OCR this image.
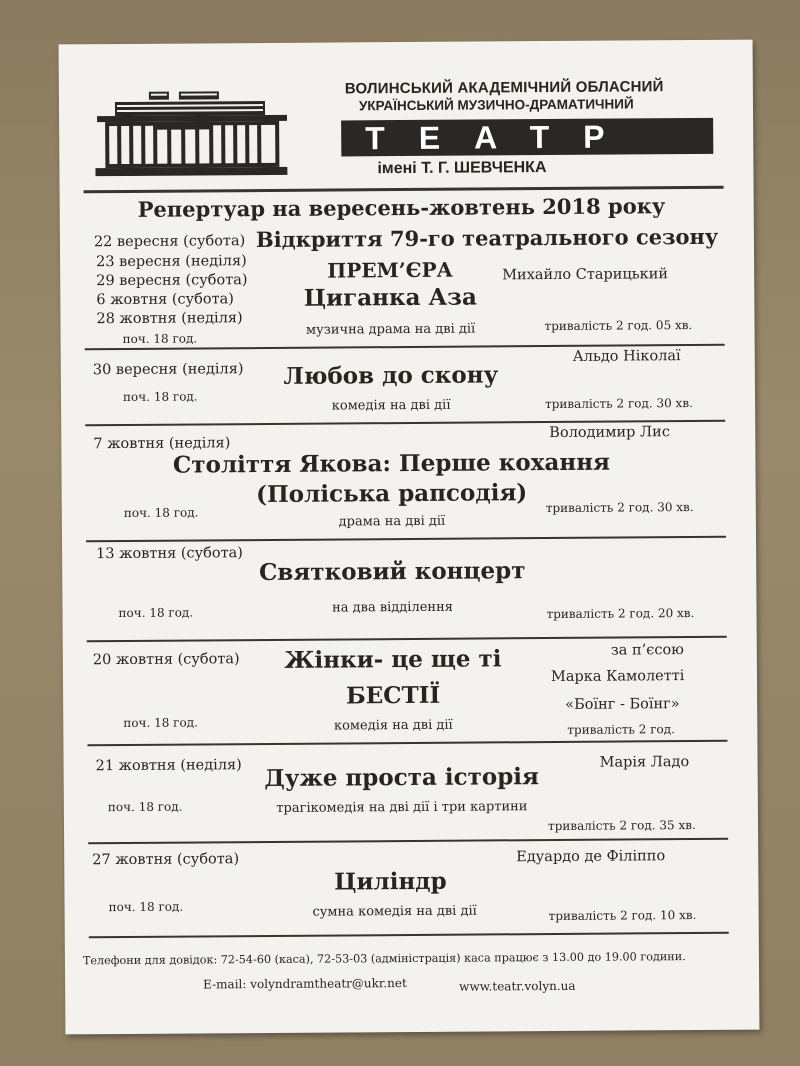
ВОЛИНСЬКИЙ АКАДЕМІЧНИЙ ОБЛАСНИЙ
УКРАЇНСЬКИЙ МУЗИЧНО-ДРАМАТИЧНИЙ
ТЕАТР
імені Т. Г. ШЕВЧЕНКА
Репертуар на вересень-жовтень 2018 року
22 вересня (субота) Відкриття 79-го театрального сезону
23 вересня (неділя)
29 вересня (субота)
6 жовтня (субота)
28 жовтня (неділя)
поч. 18 год.
ПРЕМ’ЄРА
Циганка Аза
музична драма на дві дії
Михайло Старицький
тривалість 2 год. 05 хв.
30 вересня (неділя)
поч. 18 год.
Любов до скону
комедія на дві дії
Альдо Ніколаї
тривалість 2 год. 30 хв.
7 жовтня (неділя)
поч. 18 год.
Століття Якова: Перше кохання
(Поліська рапсодія)
драма на дві дії
Володимир Лис
тривалість 2 год. 30 хв.
13 жовтня (субота)
поч. 18 год.
Святковий концерт
на два відділення	тривалість 2 год. 20 хв.
20 жовтня (субота)
поч. 18 год.
Жінки- це ще ті
БЕСТІЇ
комедія на дві дії
за п’єсою
Марка Камолетті
«Боїнг - Боїнг»
тривалість 2 год.
21 жовтня (неділя)
поч. 18 год.
Дуже проста історія
трагікомедія на дві дії і три картини
Марія Ладо
тривалість 2 год. 35 хв.
27 жовтня (субота)
поч. 18 год.
Циліндр
сумна комедія на дві дії
Едуардо де Філіппо
тривалість 2 год. 10 хв.
Телефони для довідок: 72-54-60 (каса), 72-53-03 (адміністрація) каса працює з 13.00 до 19.00 години.
E-mail: volyndramtheatr@ukr.net	www.teatr.volyn.ua
